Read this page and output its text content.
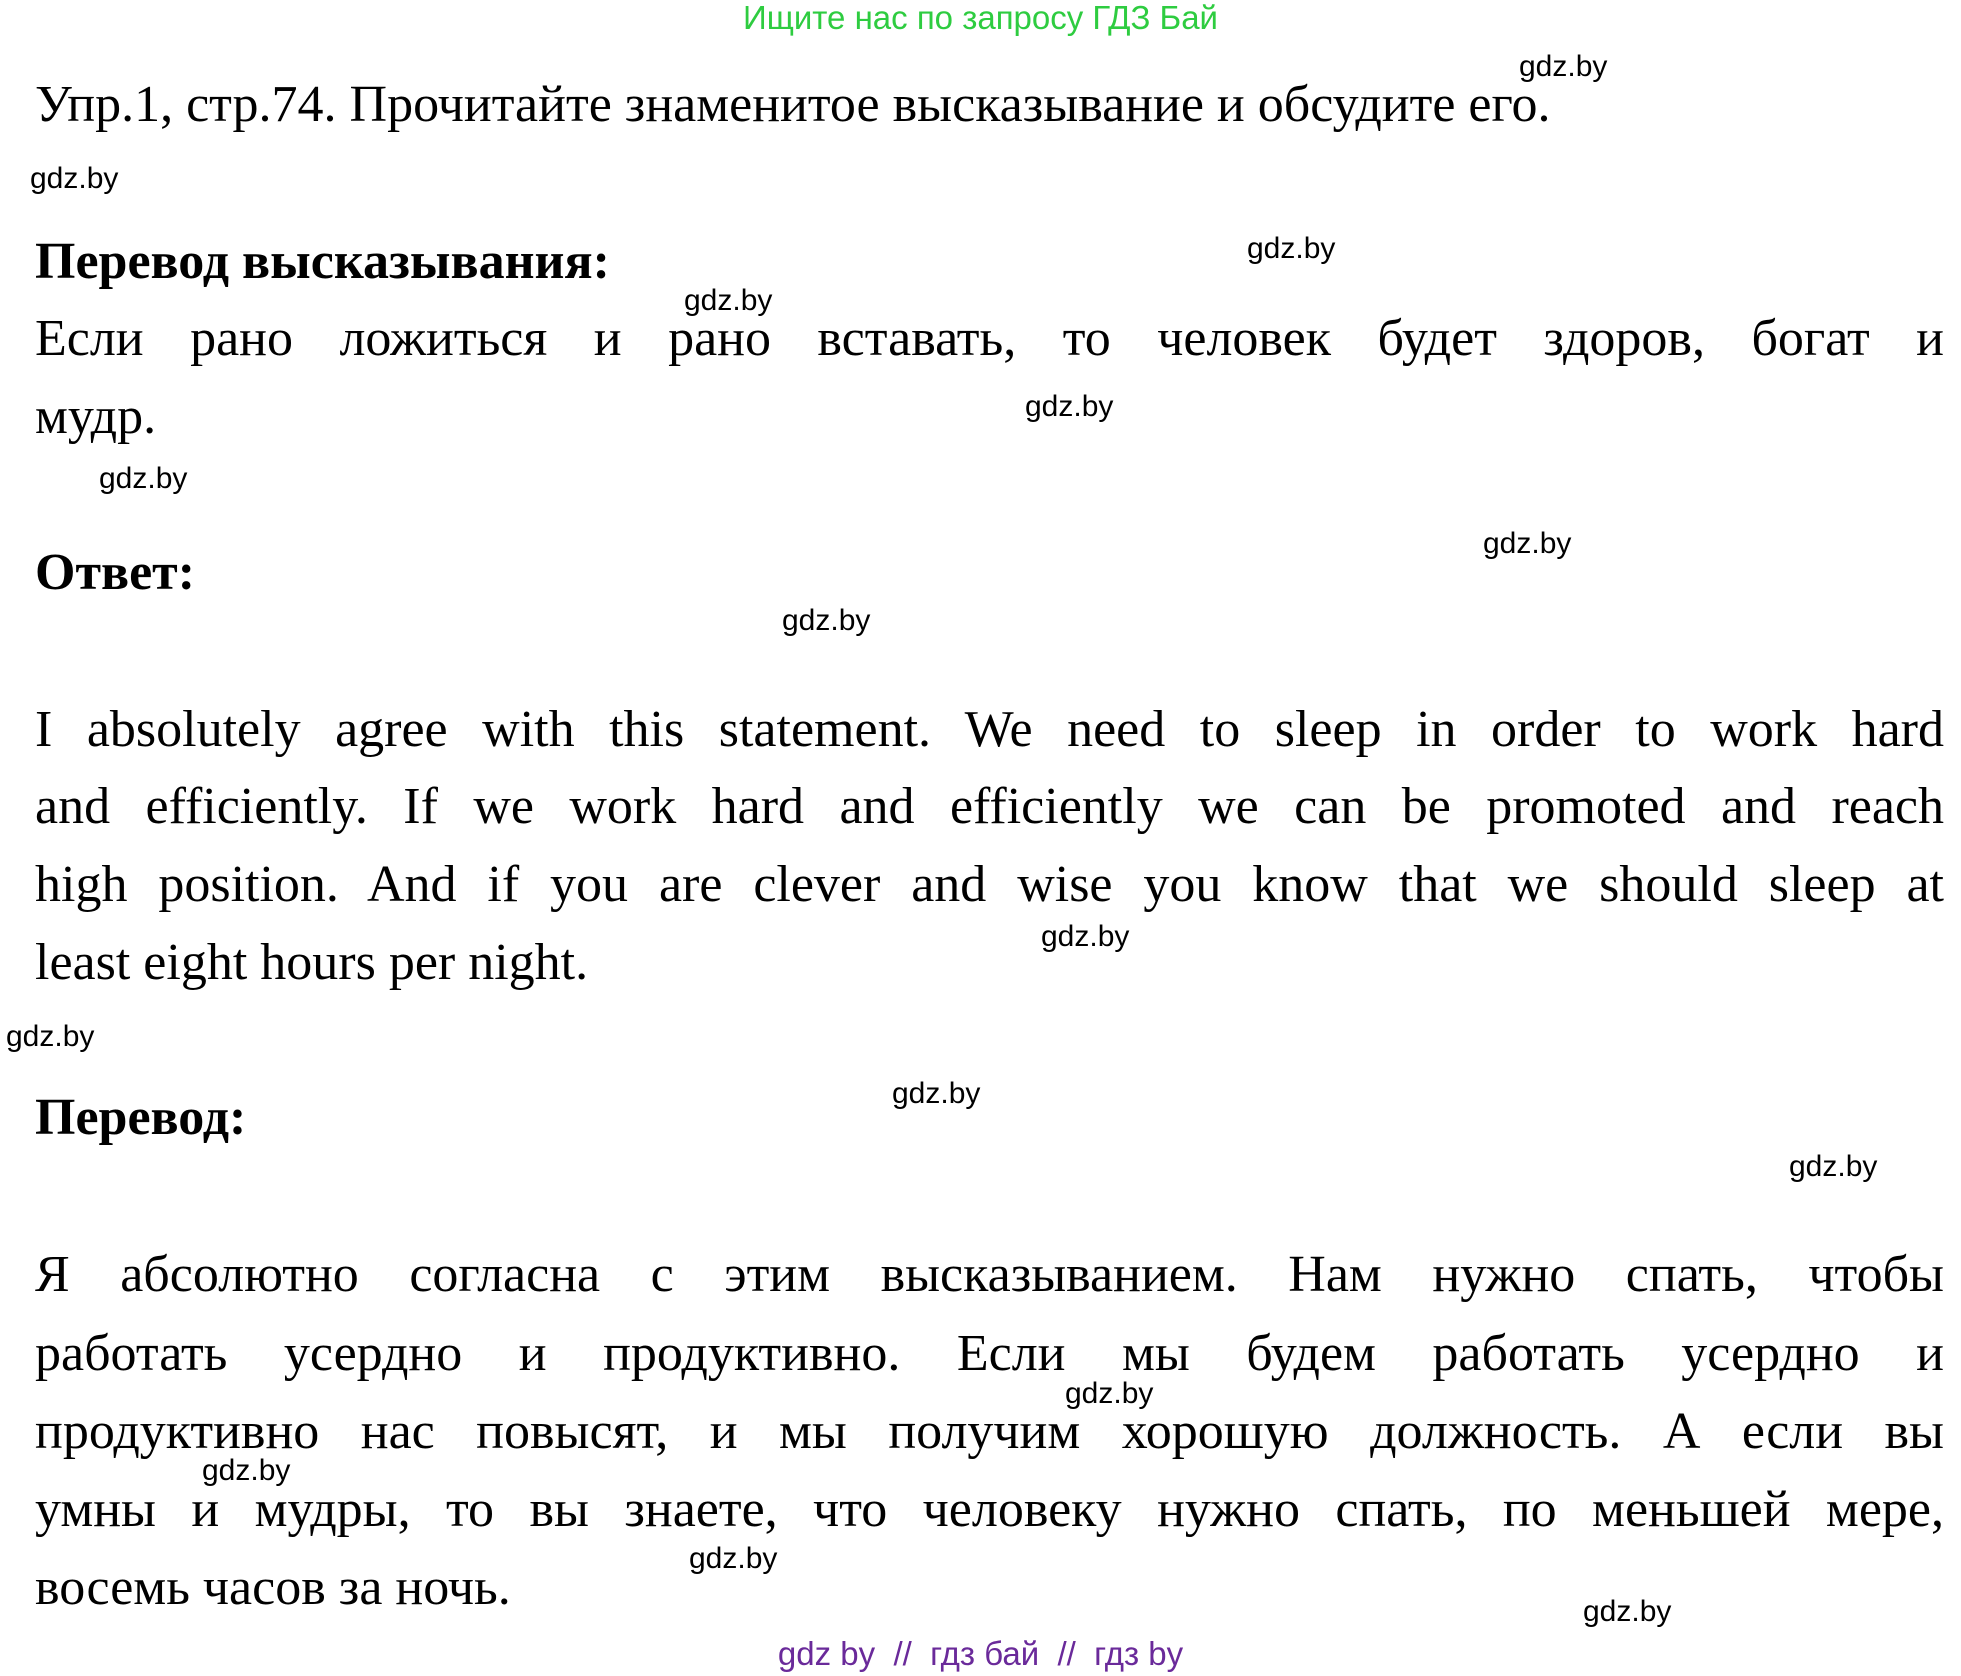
Ищите нас по запросу ГДЗ Бай
Упр.1, стр.74. Прочитайте знаменитое высказывание и обсудите его.
Перевод высказывания:
Если рано ложиться и рано вставать, то человек будет здоров, богат и
мудр.
Ответ:
I absolutely agree with this statement. We need to sleep in order to work hard
and efficiently. If we work hard and efficiently we can be promoted and reach
high position. And if you are clever and wise you know that we should sleep at
least eight hours per night.
Перевод:
Я абсолютно согласна с этим высказыванием. Нам нужно спать, чтобы
работать усердно и продуктивно. Если мы будем работать усердно и
продуктивно нас повысят, и мы получим хорошую должность. А если вы
умны и мудры, то вы знаете, что человеку нужно спать, по меньшей мере,
восемь часов за ночь.
gdz.by
gdz.by
gdz.by
gdz.by
gdz.by
gdz.by
gdz.by
gdz.by
gdz.by
gdz.by
gdz.by
gdz.by
gdz.by
gdz.by
gdz.by
gdz.by
gdz by  //  гдз бай  //  гдз by
